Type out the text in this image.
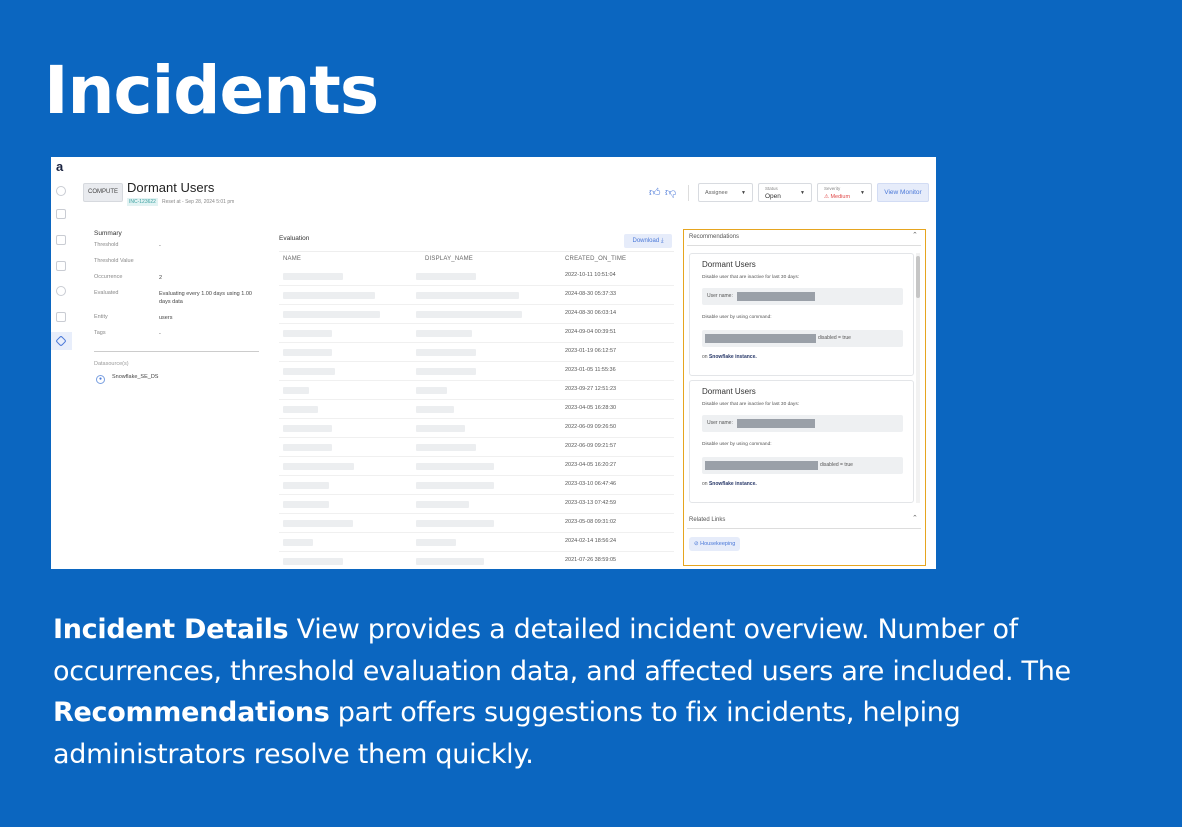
Incidents
a
COMPUTE Dormant Users
INC-123622	Reset at - Sep 28, 2024 5:01 pm
👍︎ 👎︎	Assignee	▼
Status
Open	▼
Severity
⚠ Medium
▼	View Monitor
Summary
Threshold	-
Threshold Value
Occurrence	2
Evaluated	Evaluating every 1.00 days using 1.00 days data
Entity	users
Tags	-
Datasource(s)
●	Snowflake_SE_DS
Evaluation	Download ⤓
NAME	DISPLAY_NAME	CREATED_ON_TIME
2022-10-11 10:51:04
2024-08-30 05:37:33
2024-08-30 06:03:14
2024-09-04 00:39:51
2023-01-19 06:12:57
2023-01-05 11:55:36
2023-09-27 12:51:23
2023-04-05 16:28:30
2022-06-09 09:26:50
2022-06-09 09:21:57
2023-04-05 16:20:27
2023-03-10 06:47:46
2023-03-13 07:42:59
2023-05-08 09:31:02
2024-02-14 18:56:24
2021-07-26 38:59:05
Recommendations	⌃
Dormant Users
Disable user that are inactive for last 30 days:
User name:
Disable user by using command:
disabled = true
on Snowflake instance.
Dormant Users
Disable user that are inactive for last 30 days:
User name:
Disable user by using command:
disabled = true
on Snowflake instance.
Related Links	⌃
⊘ Housekeeping
Incident Details View provides a detailed incident overview. Number of occurrences, threshold evaluation data, and affected users are included. The Recommendations part offers suggestions to fix incidents, helping administrators resolve them quickly.
